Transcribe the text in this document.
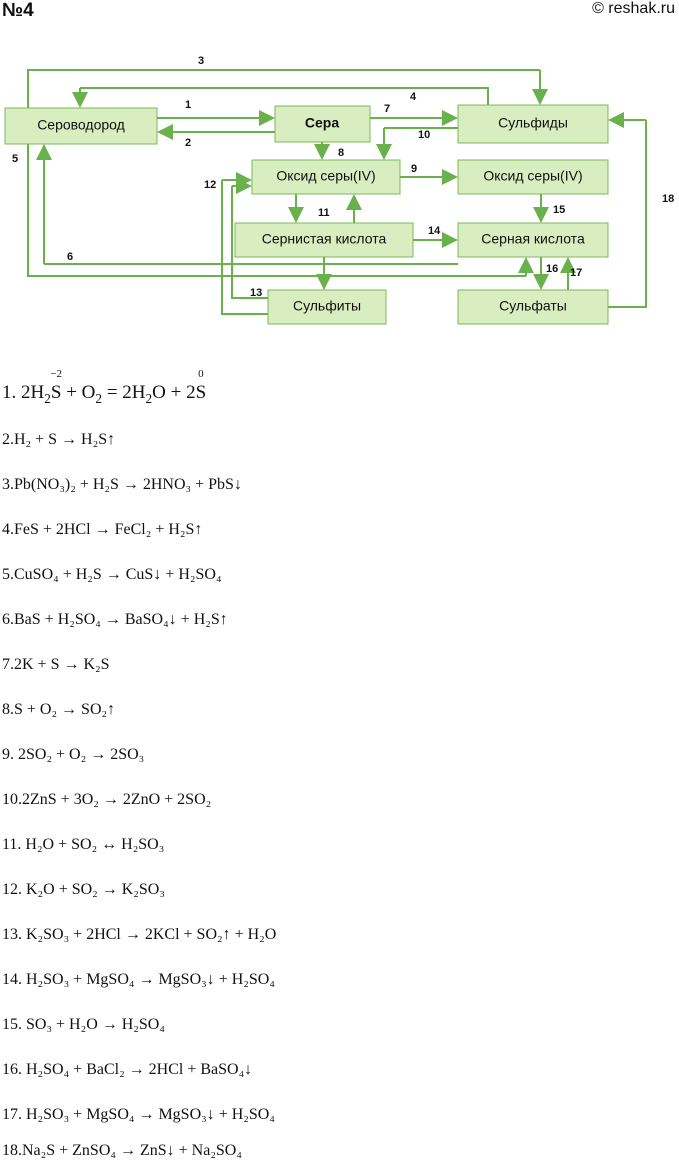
№4	© reshak.ru
Сероводород	Сера	Сульфиды
Оксид серы(IV)	Оксид серы(IV)
Сернистая кислота	Серная кислота
Сульфиты	Сульфаты
1
2
3
4
5
6
7
8
9
10
11
12
13
14
15
16 17
18
1. $2H_2$
−2
$S + O_2 = 2H_2O + 2$
0
S
2.H₂ + S → H₂S↑
3.Pb(NO₃)₂ + H₂S → 2HNO₃ + PbS↓
4.FeS + 2HCl → FeCl₂ + H₂S↑
5.CuSO₄ + H₂S → CuS↓ + H₂SO₄
6.BaS + H₂SO₄ → BaSO₄↓ + H₂S↑
7.2K + S → K₂S
8.S + O₂ → SO₂↑
9. 2SO₂ + O₂ → 2SO₃
10.2ZnS + 3O₂ → 2ZnO + 2SO₂
11. H₂O + SO₂ ↔ H₂SO₃
12. K₂O + SO₂ → K₂SO₃
13. K₂SO₃ + 2HCl → 2KCl + SO₂↑ + H₂O
14. H₂SO₃ + MgSO₄ → MgSO₃↓ + H₂SO₄
15. SO₃ + H₂O → H₂SO₄
16. H₂SO₄ + BaCl₂ → 2HCl + BaSO₄↓
17. H₂SO₃ + MgSO₄ → MgSO₃↓ + H₂SO₄
18.Na₂S + ZnSO₄ → ZnS↓ + Na₂SO₄
